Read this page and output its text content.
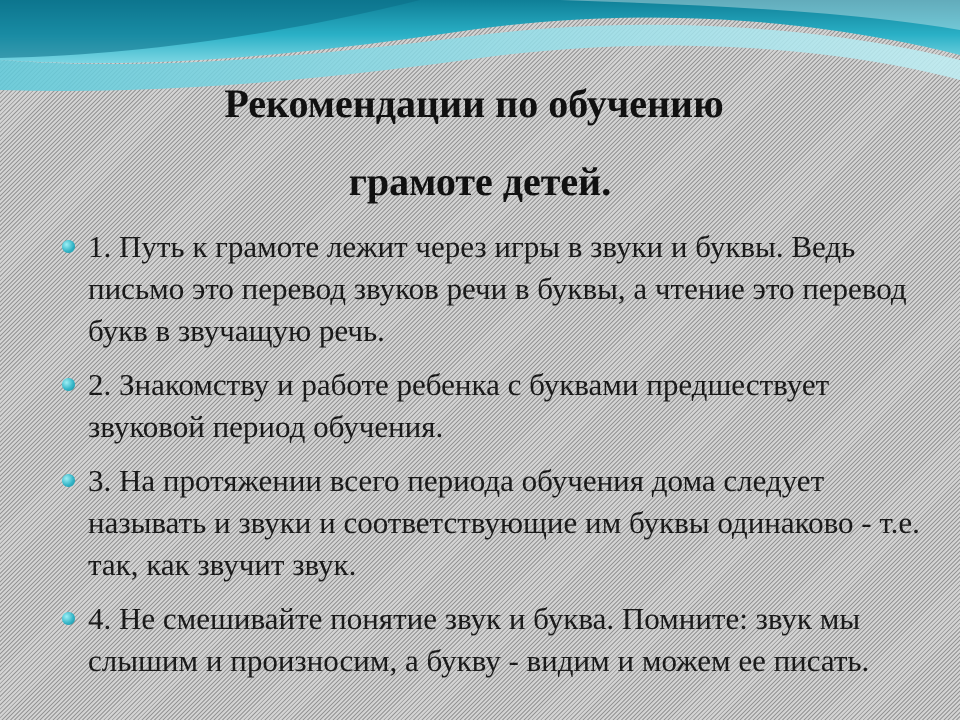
Рекомендации по обучению
грамоте детей.

1. Путь к грамоте лежит через игры в звуки и буквы. Ведь письмо это перевод звуков речи в буквы, а чтение это перевод букв в звучащую речь.

2. Знакомству и работе ребенка с буквами предшествует звуковой период обучения.

3. На протяжении всего периода обучения дома следует называть и звуки и соответствующие им буквы одинаково - т.е. так, как звучит звук.

4. Не смешивайте понятие звук и буква. Помните: звук мы слышим и произносим, а букву - видим и можем ее писать.
